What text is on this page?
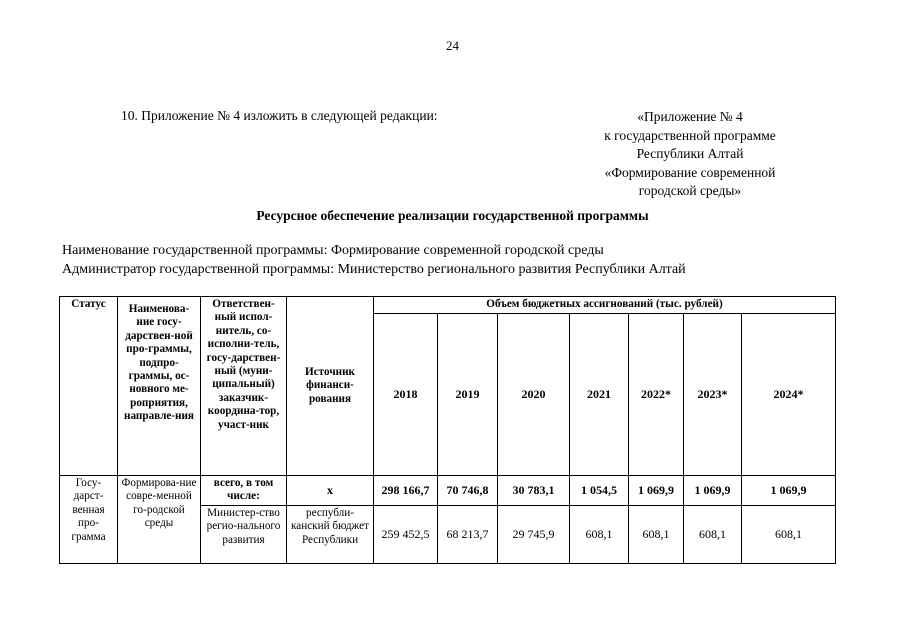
24
10. Приложение № 4 изложить в следующей редакции:	«Приложение № 4
к государственной программе
Республики Алтай
«Формирование современной
городской среды»
Ресурсное обеспечение реализации государственной программы
Наименование государственной программы: Формирование современной городской среды
Администратор государственной программы: Министерство регионального развития Республики Алтай
Статус	Наименова-ние госу-дарствен-ной про-граммы, подпро-граммы, ос-новного ме-роприятия, направле-ния	Ответствен-ный испол-нитель, со-исполни-тель, госу-дарствен-ный (муни-ципальный) заказчик-координа-тор, участ-ник	Источник финанси-рования	Объем бюджетных ассигнований (тыс. рублей)						
				2018	2019	2020	2021	2022*	2023*	2024*
Госу-дарст-венная про-грамма	Формирова-ние совре-менной го-родской среды	всего, в том числе:	х	298 166,7	70 746,8	30 783,1	1 054,5	1 069,9	1 069,9	1 069,9
		Министер-ство регио-нального развития	республи-канский бюджет Республики	259 452,5	68 213,7	29 745,9	608,1	608,1	608,1	608,1
